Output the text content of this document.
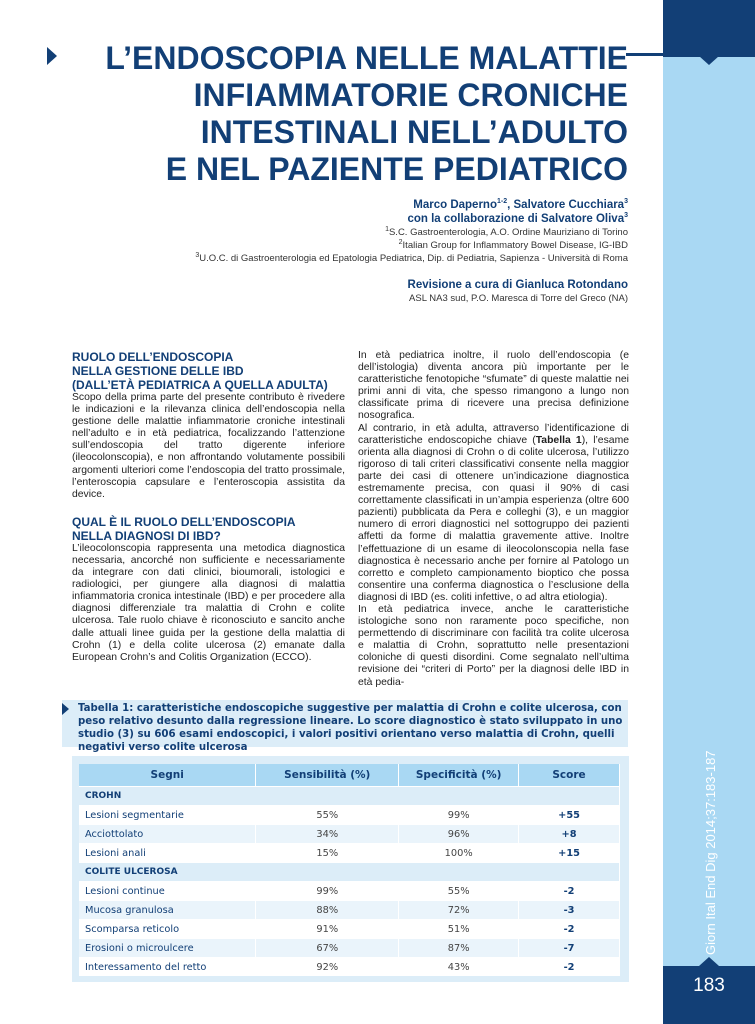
Giorn Ital End Dig 2014;37:183-187
183
L’ENDOSCOPIA NELLE MALATTIE
INFIAMMATORIE CRONICHE
INTESTINALI NELL’ADULTO
E NEL PAZIENTE PEDIATRICO
Marco Daperno$^{1-2}$, Salvatore Cucchiara$^3$
con la collaborazione di Salvatore Oliva$^3$
$^1$S.C. Gastroenterologia, A.O. Ordine Mauriziano di Torino
$^2$Italian Group for Inflammatory Bowel Disease, IG-IBD
$^3$U.O.C. di Gastroenterologia ed Epatologia Pediatrica, Dip. di Pediatria, Sapienza - Università di Roma
Revisione a cura di Gianluca Rotondano
ASL NA3 sud, P.O. Maresca di Torre del Greco (NA)
RUOLO DELL’ENDOSCOPIA
NELLA GESTIONE DELLE IBD
(DALL’ETÀ PEDIATRICA A QUELLA ADULTA)

Scopo della prima parte del presente contributo è rivedere le indicazioni e la rilevanza clinica dell’endoscopia nella gestione delle malattie infiammatorie croniche intestinali nell’adulto e in età pediatrica, focalizzando l’attenzione sull’endoscopia del tratto digerente inferiore (ileocolonscopia), e non affrontando volutamente possibili argomenti ulteriori come l’endoscopia del tratto prossimale, l’enteroscopia capsulare e l’enteroscopia assistita da device.

QUAL È IL RUOLO DELL’ENDOSCOPIA
NELLA DIAGNOSI DI IBD?

L’ileocolonscopia rappresenta una metodica diagnostica necessaria, ancorché non sufficiente e necessariamente da integrare con dati clinici, bioumorali, istologici e radiologici, per giungere alla diagnosi di malattia infiammatoria cronica intestinale (IBD) e per procedere alla diagnosi differenziale tra malattia di Crohn e colite ulcerosa. Tale ruolo chiave è riconosciuto e sancito anche dalle attuali linee guida per la gestione della malattia di Crohn (1) e della colite ulcerosa (2) emanate dalla European Crohn’s and Colitis Organization (ECCO).

In età pediatrica inoltre, il ruolo dell’endoscopia (e dell’istologia) diventa ancora più importante per le caratteristiche fenotopiche “sfumate” di queste malattie nei primi anni di vita, che spesso rimangono a lungo non classificate prima di ricevere una precisa definizione nosografica.

Al contrario, in età adulta, attraverso l’identificazione di caratteristiche endoscopiche chiave (Tabella 1), l’esame orienta alla diagnosi di Crohn o di colite ulcerosa, l’utilizzo rigoroso di tali criteri classificativi consente nella maggior parte dei casi di ottenere un’indicazione diagnostica estremamente precisa, con quasi il 90% di casi correttamente classificati in un’ampia esperienza (oltre 600 pazienti) pubblicata da Pera e colleghi (3), e un maggior numero di errori diagnostici nel sottogruppo dei pazienti affetti da forme di malattia gravemente attive. Inoltre l’effettuazione di un esame di ileocolonscopia nella fase diagnostica è necessario anche per fornire al Patologo un corretto e completo campionamento bioptico che possa consentire una conferma diagnostica o l’esclusione della diagnosi di IBD (es. coliti infettive, o ad altra etiologia).

In età pediatrica invece, anche le caratteristiche istologiche sono non raramente poco specifiche, non permettendo di discriminare con facilità tra colite ulcerosa e malattia di Crohn, soprattutto nelle presentazioni coloniche di questi disordini. Come segnalato nell’ultima revisione dei “criteri di Porto” per la diagnosi delle IBD in età pedia-

Tabella 1: caratteristiche endoscopiche suggestive per malattia di Crohn e colite ulcerosa, con peso relativo desunto dalla regressione lineare. Lo score diagnostico è stato sviluppato in uno studio (3) su 606 esami endoscopici, i valori positivi orientano verso malattia di Crohn, quelli negativi verso colite ulcerosa
Segni	Sensibilità (%)	Specificità (%)	Score
CROHN			
Lesioni segmentarie	55%	99%	+55
Acciottolato	34%	96%	+8
Lesioni anali	15%	100%	+15
COLITE ULCEROSA			
Lesioni continue	99%	55%	-2
Mucosa granulosa	88%	72%	-3
Scomparsa reticolo	91%	51%	-2
Erosioni o microulcere	67%	87%	-7
Interessamento del retto	92%	43%	-2
